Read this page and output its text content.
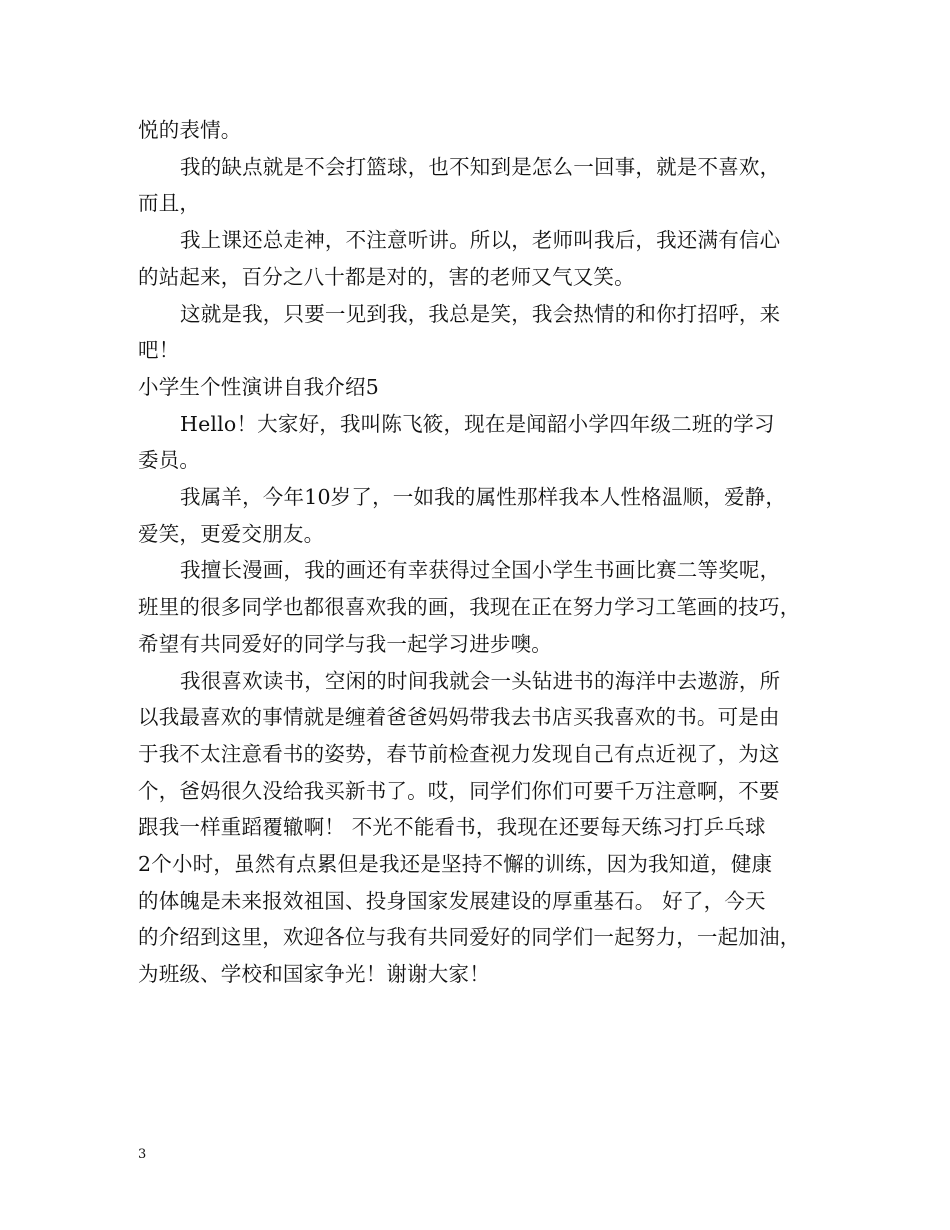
悦的表情。

我的缺点就是不会打篮球，也不知到是怎么一回事，就是不喜欢，
而且，

我上课还总走神，不注意听讲。所以，老师叫我后，我还满有信心
的站起来，百分之八十都是对的，害的老师又气又笑。

这就是我，只要一见到我，我总是笑，我会热情的和你打招呼，来
吧！

小学生个性演讲自我介绍5

Hello！大家好，我叫陈飞筱，现在是闻韶小学四年级二班的学习
委员。

我属羊，今年10岁了，一如我的属性那样我本人性格温顺，爱静，
爱笑，更爱交朋友。

我擅长漫画，我的画还有幸获得过全国小学生书画比赛二等奖呢，
班里的很多同学也都很喜欢我的画，我现在正在努力学习工笔画的技巧，
希望有共同爱好的同学与我一起学习进步噢。

我很喜欢读书，空闲的时间我就会一头钻进书的海洋中去遨游，所
以我最喜欢的事情就是缠着爸爸妈妈带我去书店买我喜欢的书。可是由
于我不太注意看书的姿势，春节前检查视力发现自己有点近视了，为这
个，爸妈很久没给我买新书了。哎，同学们你们可要千万注意啊，不要
跟我一样重蹈覆辙啊！ 不光不能看书，我现在还要每天练习打乒乓球
2个小时，虽然有点累但是我还是坚持不懈的训练，因为我知道，健康
的体魄是未来报效祖国、投身国家发展建设的厚重基石。 好了，今天
的介绍到这里，欢迎各位与我有共同爱好的同学们一起努力，一起加油，
为班级、学校和国家争光！谢谢大家！

3
